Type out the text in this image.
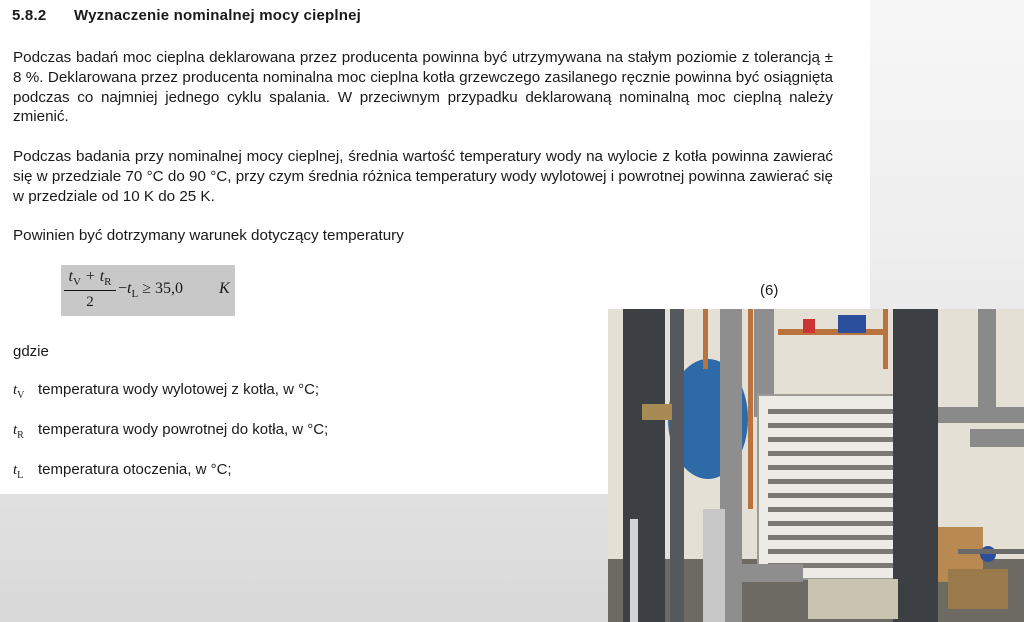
5.8.2 Wyznaczenie nominalnej mocy cieplnej

Podczas badań moc cieplna deklarowana przez producenta powinna być utrzymywana na stałym poziomie z tolerancją ± 8 %. Deklarowana przez producenta nominalna moc cieplna kotła grzewczego zasilanego ręcznie powinna być osiągnięta podczas co najmniej jednego cyklu spalania. W przeciwnym przypadku deklarowaną nominalną moc cieplną należy zmienić.

Podczas badania przy nominalnej mocy cieplnej, średnia wartość temperatury wody na wylocie z kotła powinna zawierać się w przedziale 70 °C do 90 °C, przy czym średnia różnica temperatury wody wylotowej i powrotnej powinna zawierać się w przedziale od 10 K do 25 K.

Powinien być dotrzymany warunek dotyczący temperatury

$t_V + t_R$
2
$-t_L \ge 35,0$ K	(6)
gdzie
$t_V$ temperatura wody wylotowej z kotła, w °C;
$t_R$ temperatura wody powrotnej do kotła, w °C;
$t_L$ temperatura otoczenia, w °C;
